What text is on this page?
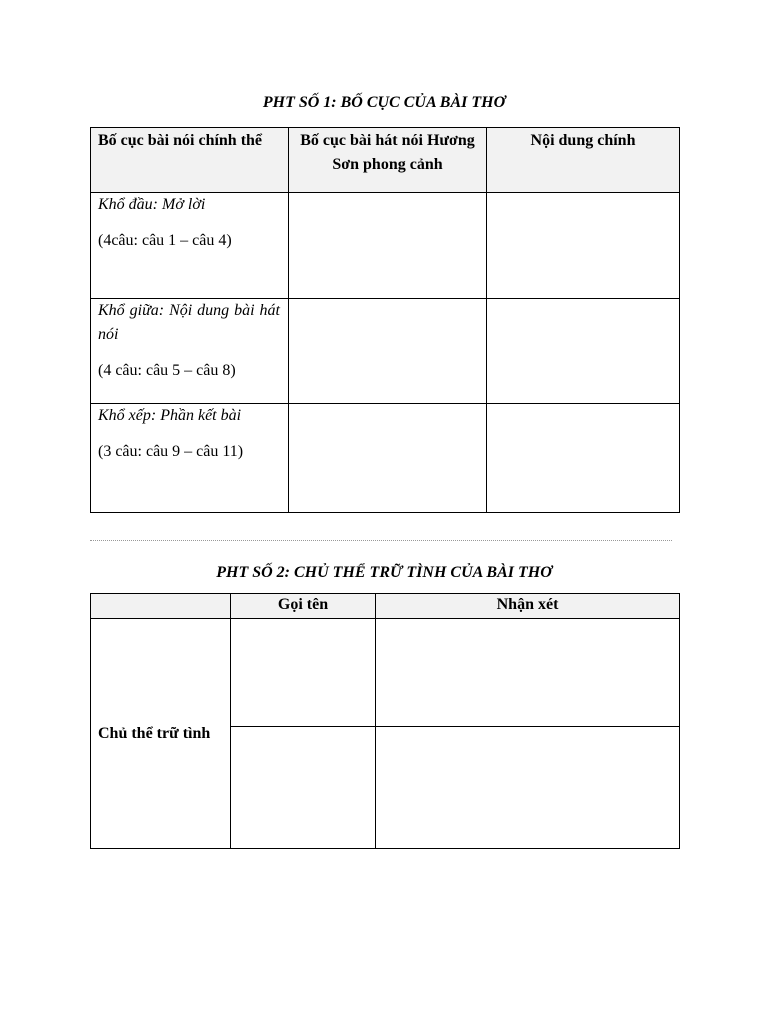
PHT SỐ 1: BỐ CỤC CỦA BÀI THƠ
Bố cục bài nói chính thể	Bố cục bài hát nói Hương Sơn phong cảnh	Nội dung chính

Khổ đầu: Mở lời
(4câu: câu 1 – câu 4)		

Khổ giữa: Nội dung bài hát nói
(4 câu: câu 5 – câu 8)		

Khổ xếp: Phần kết bài
(3 câu: câu 9 – câu 11)		

PHT SỐ 2: CHỦ THỂ TRỮ TÌNH CỦA BÀI THƠ
	Gọi tên	Nhận xét
Chủ thể trữ tình		
